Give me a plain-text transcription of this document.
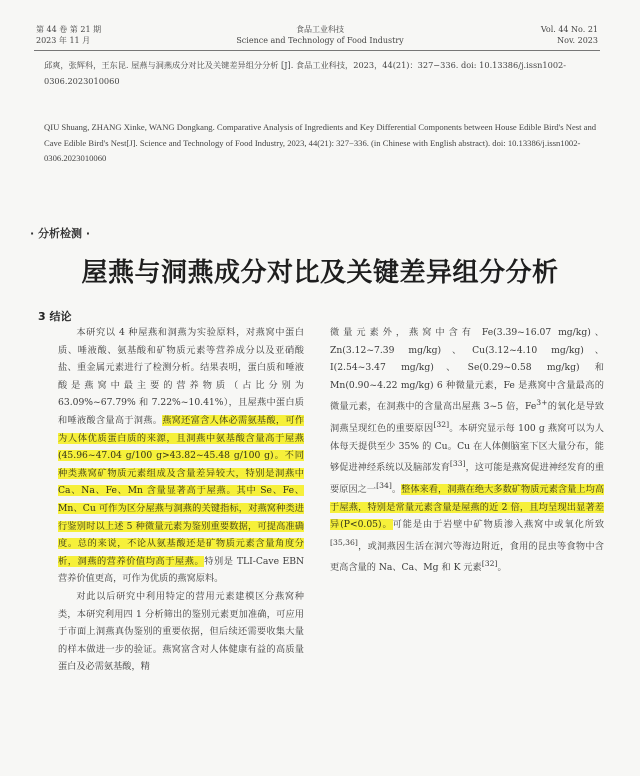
第 44 卷 第 21 期
2023 年 11 月
食品工业科技
Science and Technology of Food Industry
Vol. 44 No. 21
Nov. 2023
邱爽，张辉科，王东昆. 屋燕与洞燕成分对比及关键差异组分分析 [J]. 食品工业科技，2023，44(21)：327−336. doi: 10.13386/j.issn1002-0306.2023010060
QIU Shuang, ZHANG Xinke, WANG Dongkang. Comparative Analysis of Ingredients and Key Differential Components between House Edible Bird's Nest and Cave Edible Bird's Nest[J]. Science and Technology of Food Industry, 2023, 44(21): 327−336. (in Chinese with English abstract). doi: 10.13386/j.issn1002-0306.2023010060
· 分析检测 ·
屋燕与洞燕成分对比及关键差异组分分析
3 结论

本研究以 4 种屋燕和洞燕为实验原料，对燕窝中蛋白质、唾液酸、氨基酸和矿物质元素等营养成分以及亚硝酸盐、重金属元素进行了检测分析。结果表明，蛋白质和唾液酸是燕窝中最主要的营养物质（占比分别为 63.09%~67.79% 和 7.22%~10.41%），且屋燕中蛋白质和唾液酸含量高于洞燕。燕窝还富含人体必需氨基酸，可作为人体优质蛋白质的来源，且洞燕中氨基酸含量高于屋燕(45.96~47.04 g/100 g>43.82~45.48 g/100 g)。不同种类燕窝矿物质元素组成及含量差异较大，特别是洞燕中 Ca、Na、Fe、Mn 含量显著高于屋燕。其中 Se、Fe、Mn、Cu 可作为区分屋燕与洞燕的关键指标，对燕窝种类进行鉴别时以上述 5 种微量元素为鉴别重要数据，可提高准确度。总的来说，不论从氨基酸还是矿物质元素含量角度分析，洞燕的营养价值均高于屋燕。特别是 TLI-Cave EBN 营养价值更高，可作为优质的燕窝原料。

对此以后研究中利用特定的营用元素建模区分燕窝种类，本研究利用四 1 分析筛出的鉴别元素更加准确，可应用于市面上洞燕真伪鉴别的重要依据，但后续还需要收集大量的样本做进一步的验证。燕窝富含对人体健康有益的高质量蛋白及必需氨基酸，精

微量元素外，燕窝中含有 Fe(3.39~16.07 mg/kg)、Zn(3.12~7.39 mg/kg)、Cu(3.12~4.10 mg/kg)、I(2.54~3.47 mg/kg)、Se(0.29~0.58 mg/kg) 和 Mn(0.90~4.22 mg/kg) 6 种微量元素，Fe 是燕窝中含量最高的微量元素，在洞燕中的含量高出屋燕 3~5 倍，$Fe^{3+}$的氧化是导致洞燕呈现红色的重要原因[32]。本研究显示每 100 g 燕窝可以为人体每天提供至少 35% 的 Cu。Cu 在人体侧脑室下区大量分布，能够促进神经系统以及脑部发育[33]，这可能是燕窝促进神经发育的重要原因之一[34]。整体来看，洞燕在绝大多数矿物质元素含量上均高于屋燕，特别是常量元素含量是屋燕的近 2 倍，且均呈现出显著差异(P<0.05)。可能是由于岩壁中矿物质渗入燕窝中或氧化所致[35,36]，或洞燕因生活在洞穴等海边附近，食用的昆虫等食物中含更高含量的 Na、Ca、Mg 和 K 元素[32]。
